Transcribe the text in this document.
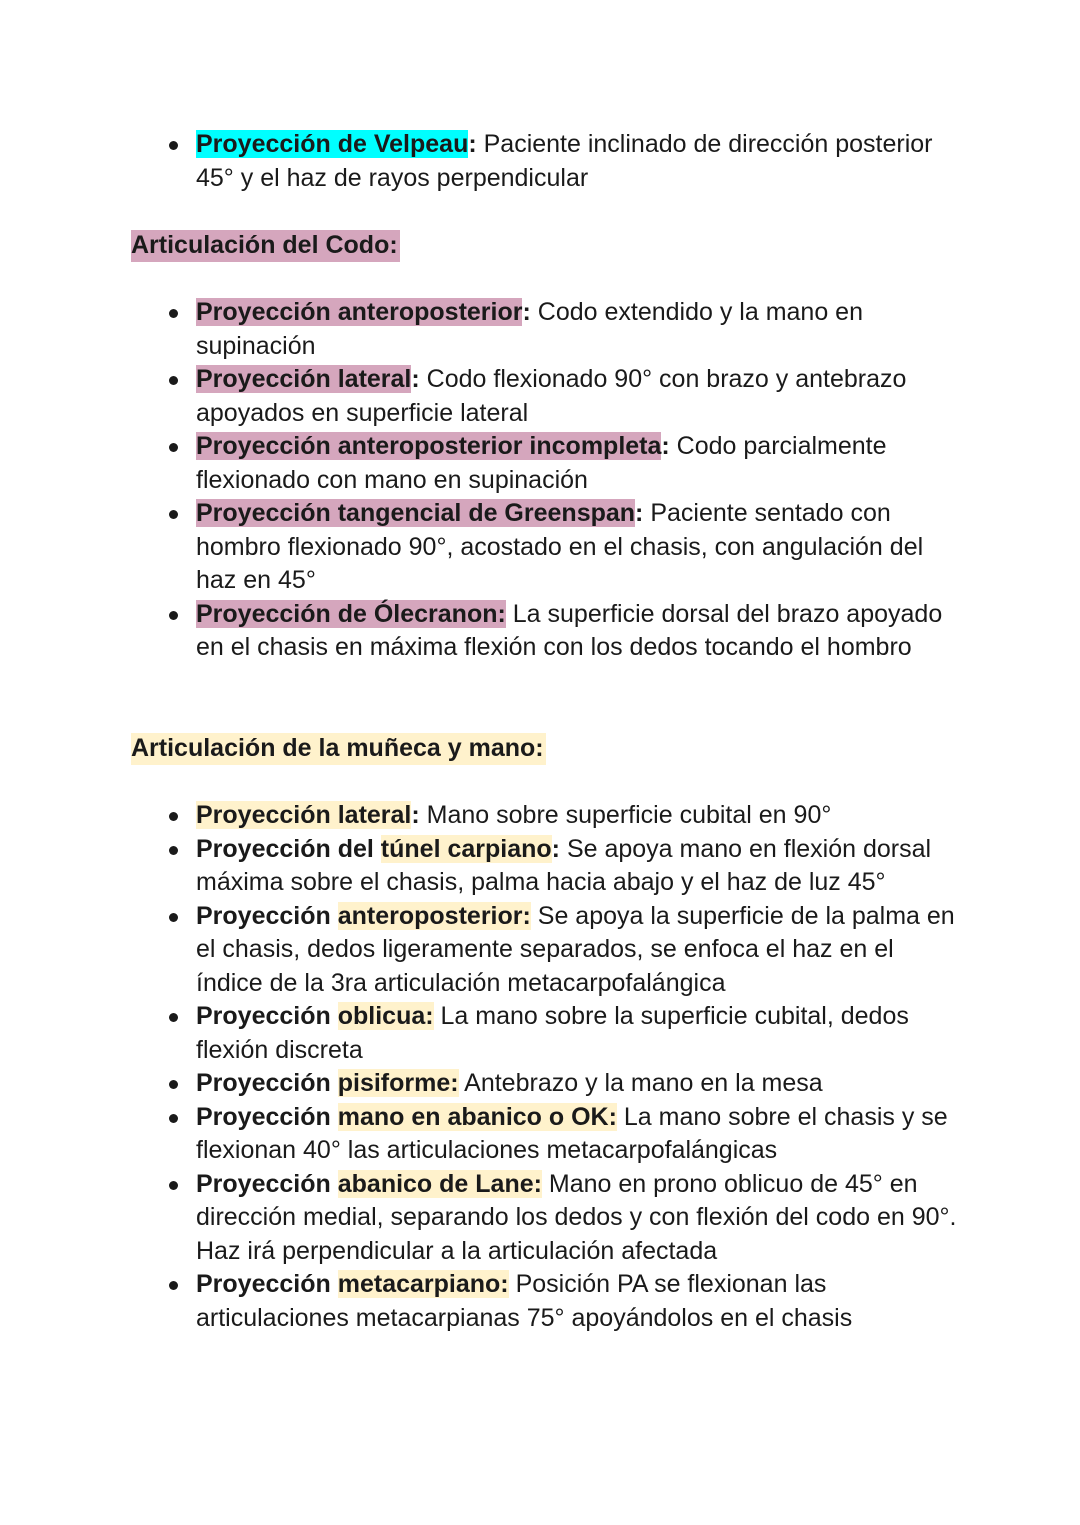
Proyección de Velpeau: Paciente inclinado de dirección posterior 45° y el haz de rayos perpendicular

Articulación del Codo:

Proyección anteroposterior: Codo extendido y la mano en supinación
Proyección lateral: Codo flexionado 90° con brazo y antebrazo apoyados en superficie lateral
Proyección anteroposterior incompleta: Codo parcialmente flexionado con mano en supinación
Proyección tangencial de Greenspan: Paciente sentado con hombro flexionado 90°, acostado en el chasis, con angulación del haz en 45°
Proyección de Ólecranon: La superficie dorsal del brazo apoyado en el chasis en máxima flexión con los dedos tocando el hombro

Articulación de la muñeca y mano:

Proyección lateral: Mano sobre superficie cubital en 90°
Proyección del túnel carpiano: Se apoya mano en flexión dorsal máxima sobre el chasis, palma hacia abajo y el haz de luz 45°
Proyección anteroposterior: Se apoya la superficie de la palma en el chasis, dedos ligeramente separados, se enfoca el haz en el índice de la 3ra articulación metacarpofalángica
Proyección oblicua: La mano sobre la superficie cubital, dedos flexión discreta
Proyección pisiforme: Antebrazo y la mano en la mesa
Proyección mano en abanico o OK: La mano sobre el chasis y se flexionan 40° las articulaciones metacarpofalángicas
Proyección abanico de Lane: Mano en prono oblicuo de 45° en dirección medial, separando los dedos y con flexión del codo en 90°. Haz irá perpendicular a la articulación afectada
Proyección metacarpiano: Posición PA se flexionan las articulaciones metacarpianas 75° apoyándolos en el chasis
